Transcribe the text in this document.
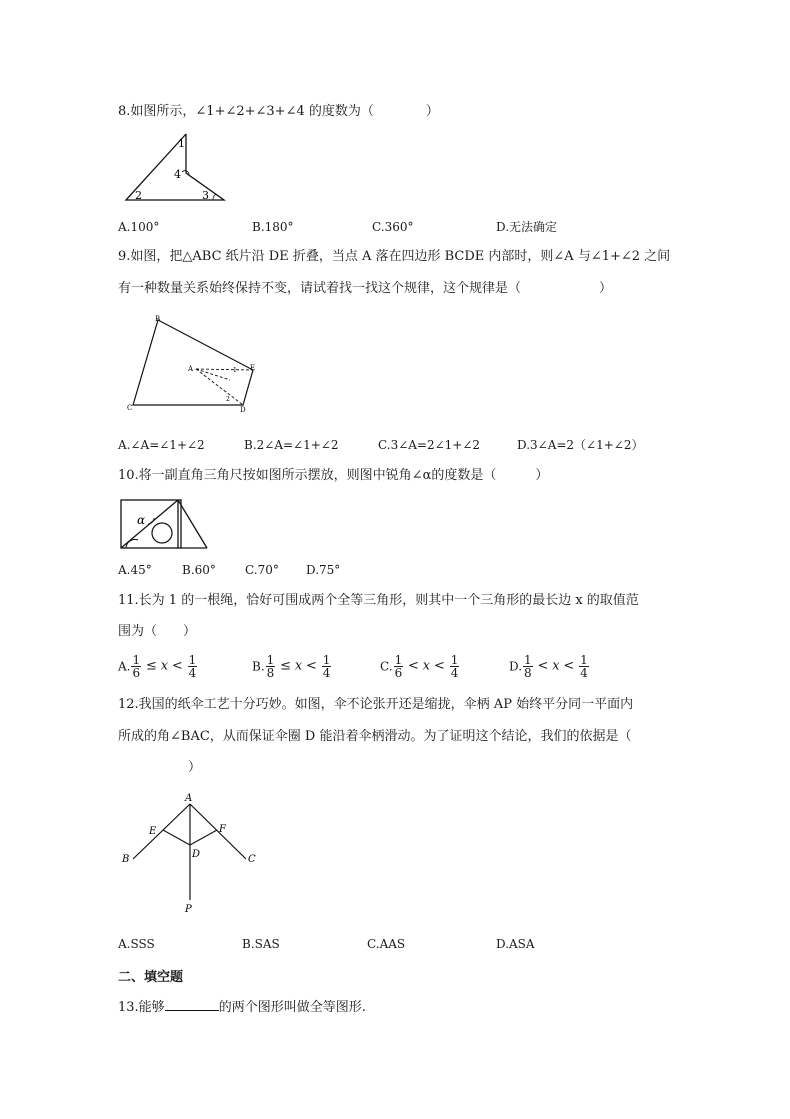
8.如图所示，∠1+∠2+∠3+∠4 的度数为（　　　　）
1
4
2	3
A.100°	B.180°	C.360°	D.无法确定
9.如图，把△ABC 纸片沿 DE 折叠，当点 A 落在四边形 BCDE 内部时，则∠A 与∠1+∠2 之间
有一种数量关系始终保持不变，请试着找一找这个规律，这个规律是（　　　　　　）
B
C	D
E
A	1
2
A.∠A=∠1+∠2	B.2∠A=∠1+∠2	C.3∠A=2∠1+∠2	D.3∠A=2（∠1+∠2）
10.将一副直角三角尺按如图所示摆放，则图中锐角∠α的度数是（　　　）
α
A.45°	B.60° C.70° D.75°
11.长为 1 的一根绳，恰好可围成两个全等三角形，则其中一个三角形的最长边 x 的取值范
围为（　　）
A. $\frac{1}{6} \le x < \frac{1}{4}$	B. $\frac{1}{8} \le x < \frac{1}{4}$	C. $\frac{1}{6} < x < \frac{1}{4}$	D. $\frac{1}{8} < x < \frac{1}{4}$
12.我国的纸伞工艺十分巧妙。如图，伞不论张开还是缩拢，伞柄 AP 始终平分同一平面内
所成的角∠BAC，从而保证伞圈 D 能沿着伞柄滑动。为了证明这个结论，我们的依据是（
）
A
E	F
D
B	C
P
A.SSS	B.SAS	C.AAS	D.ASA
二、填空题
13.能够	的两个图形叫做全等图形.
